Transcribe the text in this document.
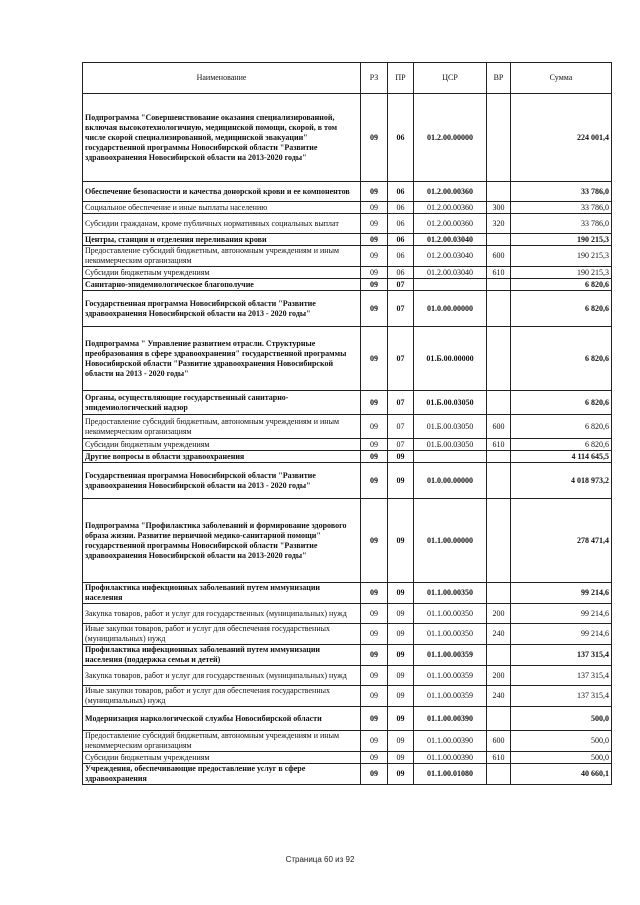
Наименование	РЗ	ПР	ЦСР	ВР	Сумма
Подпрограмма "Совершенствование оказания специализированной, включая высокотехнологичную, медицинской помощи, скорой, в том числе скорой специализированной, медицинской эвакуации" государственной программы Новосибирской области "Развитие здравоохранения Новосибирской области на 2013-2020 годы"	09	06	01.2.00.00000		224 001,4
Обеспечение безопасности и качества донорской крови и ее компонентов	09	06	01.2.00.00360		33 786,0
Социальное обеспечение и иные выплаты населению	09	06	01.2.00.00360	300	33 786,0
Субсидии гражданам, кроме публичных нормативных социальных выплат	09	06	01.2.00.00360	320	33 786,0
Центры, станции и отделения переливания крови	09	06	01.2.00.03040		190 215,3
Предоставление субсидий бюджетным, автономным учреждениям и иным некоммерческим организациям	09	06	01.2.00.03040	600	190 215,3
Субсидии бюджетным учреждениям	09	06	01.2.00.03040	610	190 215,3
Санитарно-эпидемиологическое благополучие	09	07			6 820,6
Государственная программа Новосибирской области "Развитие здравоохранения Новосибирской области на 2013 - 2020 годы"	09	07	01.0.00.00000		6 820,6
Подпрограмма " Управление развитием отрасли. Структурные преобразования в сфере здравоохранения" государственной программы Новосибирской области "Развитие здравоохранения Новосибирской области на 2013 - 2020 годы"	09	07	01.Б.00.00000		6 820,6
Органы, осуществляющие государственный санитарно-эпидемиологический надзор	09	07	01.Б.00.03050		6 820,6
Предоставление субсидий бюджетным, автономным учреждениям и иным некоммерческим организациям	09	07	01.Б.00.03050	600	6 820,6
Субсидии бюджетным учреждениям	09	07	01.Б.00.03050	610	6 820,6
Другие вопросы в области здравоохранения	09	09			4 114 645,5
Государственная программа Новосибирской области "Развитие здравоохранения Новосибирской области на 2013 - 2020 годы"	09	09	01.0.00.00000		4 018 973,2
Подпрограмма "Профилактика заболеваний и формирование здорового образа жизни. Развитие первичной медико-санитарной помощи" государственной программы Новосибирской области "Развитие здравоохранения Новосибирской области на 2013-2020 годы"	09	09	01.1.00.00000		278 471,4
Профилактика инфекционных заболеваний путем иммунизации населения	09	09	01.1.00.00350		99 214,6
Закупка товаров, работ и услуг для государственных (муниципальных) нужд	09	09	01.1.00.00350	200	99 214,6
Иные закупки товаров, работ и услуг для обеспечения государственных (муниципальных) нужд	09	09	01.1.00.00350	240	99 214,6
Профилактика инфекционных заболеваний путем иммунизации населения (поддержка семьи и детей)	09	09	01.1.00.00359		137 315,4
Закупка товаров, работ и услуг для государственных (муниципальных) нужд	09	09	01.1.00.00359	200	137 315,4
Иные закупки товаров, работ и услуг для обеспечения государственных (муниципальных) нужд	09	09	01.1.00.00359	240	137 315,4
Модернизация наркологической службы Новосибирской области	09	09	01.1.00.00390		500,0
Предоставление субсидий бюджетным, автономным учреждениям и иным некоммерческим организациям	09	09	01.1.00.00390	600	500,0
Субсидии бюджетным учреждениям	09	09	01.1.00.00390	610	500,0
Учреждения, обеспечивающие предоставление услуг в сфере здравоохранения	09	09	01.1.00.01080		40 660,1
Страница 60 из 92
